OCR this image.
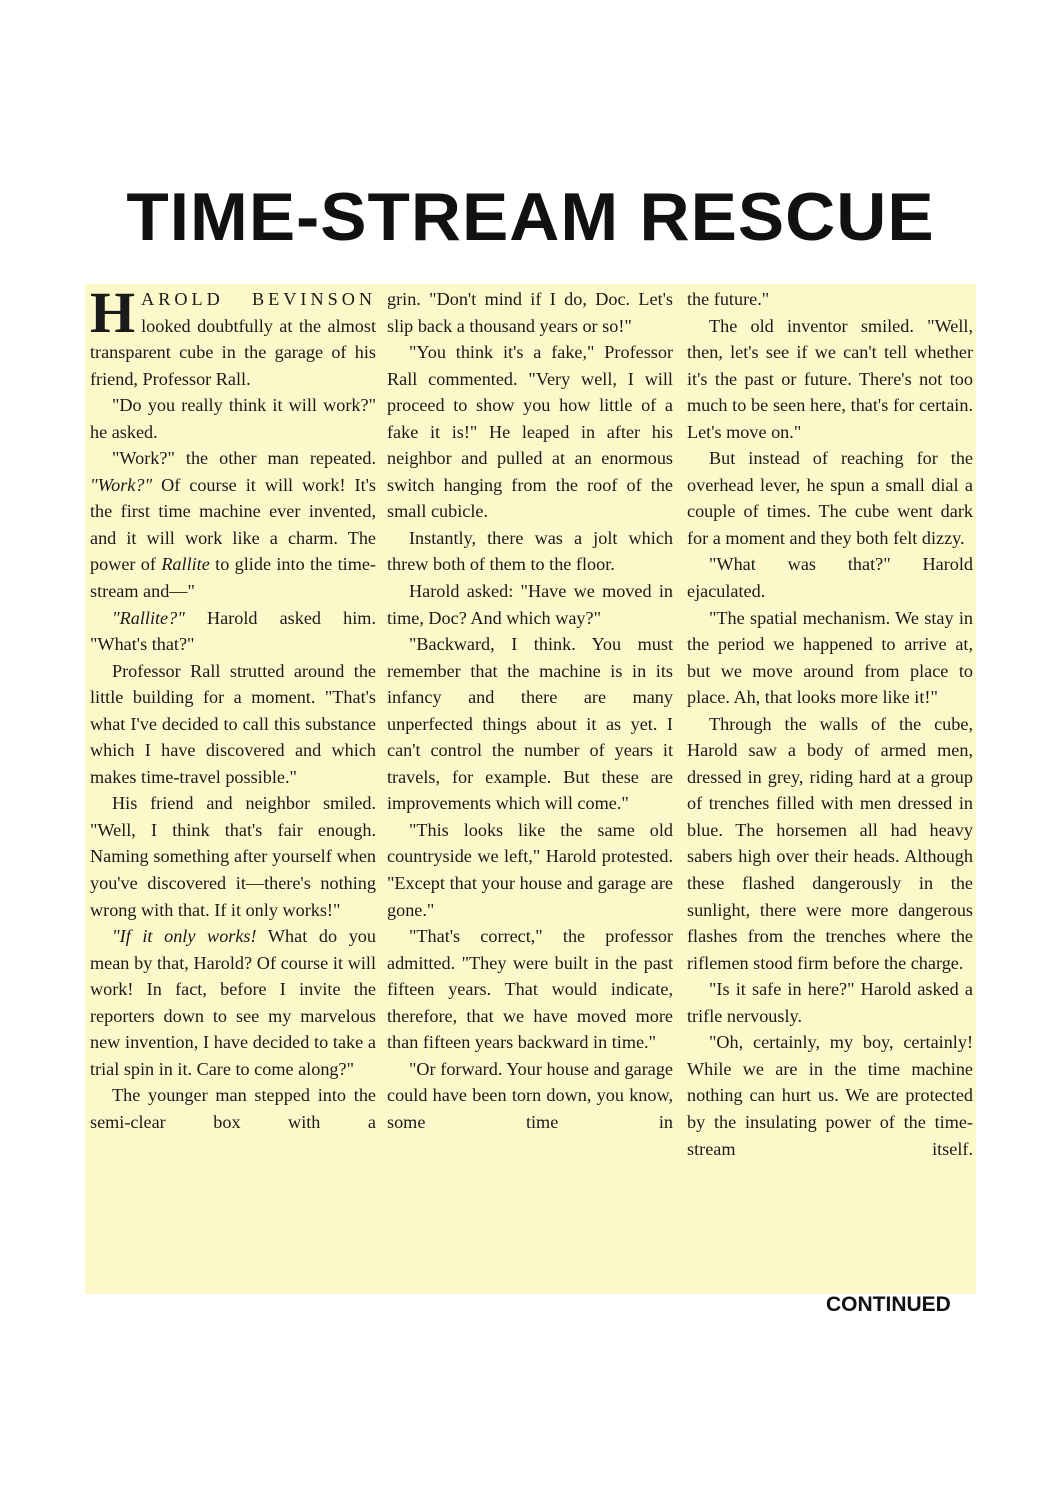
TIME-STREAM RESCUE

HAROLD BEVINSON looked doubtfully at the almost transparent cube in the garage of his friend, Professor Rall.

"Do you really think it will work?" he asked.

"Work?" the other man repeated. "Work?" Of course it will work! It's the first time machine ever invented, and it will work like a charm. The power of Rallite to glide into the time-stream and—"

"Rallite?" Harold asked him. "What's that?"

Professor Rall strutted around the little building for a moment. "That's what I've decided to call this substance which I have discovered and which makes time-travel possible."

His friend and neighbor smiled. "Well, I think that's fair enough. Naming something after yourself when you've discovered it—there's nothing wrong with that. If it only works!"

"If it only works! What do you mean by that, Harold? Of course it will work! In fact, before I invite the reporters down to see my marvelous new invention, I have decided to take a trial spin in it. Care to come along?"

The younger man stepped into the semi-clear box with a

grin. "Don't mind if I do, Doc. Let's slip back a thousand years or so!"

"You think it's a fake," Professor Rall commented. "Very well, I will proceed to show you how little of a fake it is!" He leaped in after his neighbor and pulled at an enormous switch hanging from the roof of the small cubicle.

Instantly, there was a jolt which threw both of them to the floor.

Harold asked: "Have we moved in time, Doc? And which way?"

"Backward, I think. You must remember that the machine is in its infancy and there are many unperfected things about it as yet. I can't control the number of years it travels, for example. But these are improvements which will come."

"This looks like the same old countryside we left," Harold protested. "Except that your house and garage are gone."

"That's correct," the professor admitted. "They were built in the past fifteen years. That would indicate, therefore, that we have moved more than fifteen years backward in time."

"Or forward. Your house and garage could have been torn down, you know, some time in

the future."

The old inventor smiled. "Well, then, let's see if we can't tell whether it's the past or future. There's not too much to be seen here, that's for certain. Let's move on."

But instead of reaching for the overhead lever, he spun a small dial a couple of times. The cube went dark for a moment and they both felt dizzy.

"What was that?" Harold ejaculated.

"The spatial mechanism. We stay in the period we happened to arrive at, but we move around from place to place. Ah, that looks more like it!"

Through the walls of the cube, Harold saw a body of armed men, dressed in grey, riding hard at a group of trenches filled with men dressed in blue. The horsemen all had heavy sabers high over their heads. Although these flashed dangerously in the sunlight, there were more dangerous flashes from the trenches where the riflemen stood firm before the charge.

"Is it safe in here?" Harold asked a trifle nervously.

"Oh, certainly, my boy, certainly! While we are in the time machine nothing can hurt us. We are protected by the insulating power of the time-stream itself.

CONTINUED
